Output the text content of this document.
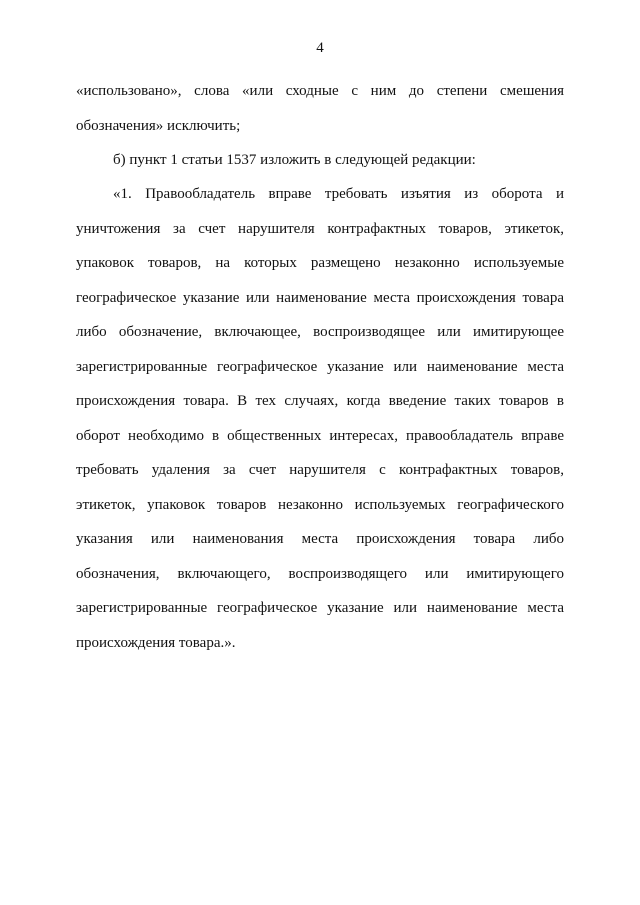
4
«использовано», слова «или сходные с ним до степени смешения
обозначения» исключить;
б) пункт 1 статьи 1537 изложить в следующей редакции:
«1. Правообладатель вправе требовать изъятия из оборота и
уничтожения за счет нарушителя контрафактных товаров, этикеток,
упаковок товаров, на которых размещено незаконно используемые
географическое указание или наименование места происхождения товара
либо обозначение, включающее, воспроизводящее или имитирующее
зарегистрированные географическое указание или наименование места
происхождения товара. В тех случаях, когда введение таких товаров в
оборот необходимо в общественных интересах, правообладатель вправе
требовать удаления за счет нарушителя с контрафактных товаров,
этикеток, упаковок товаров незаконно используемых географического
указания или наименования места происхождения товара либо
обозначения, включающего, воспроизводящего или имитирующего
зарегистрированные географическое указание или наименование места
происхождения товара.».
